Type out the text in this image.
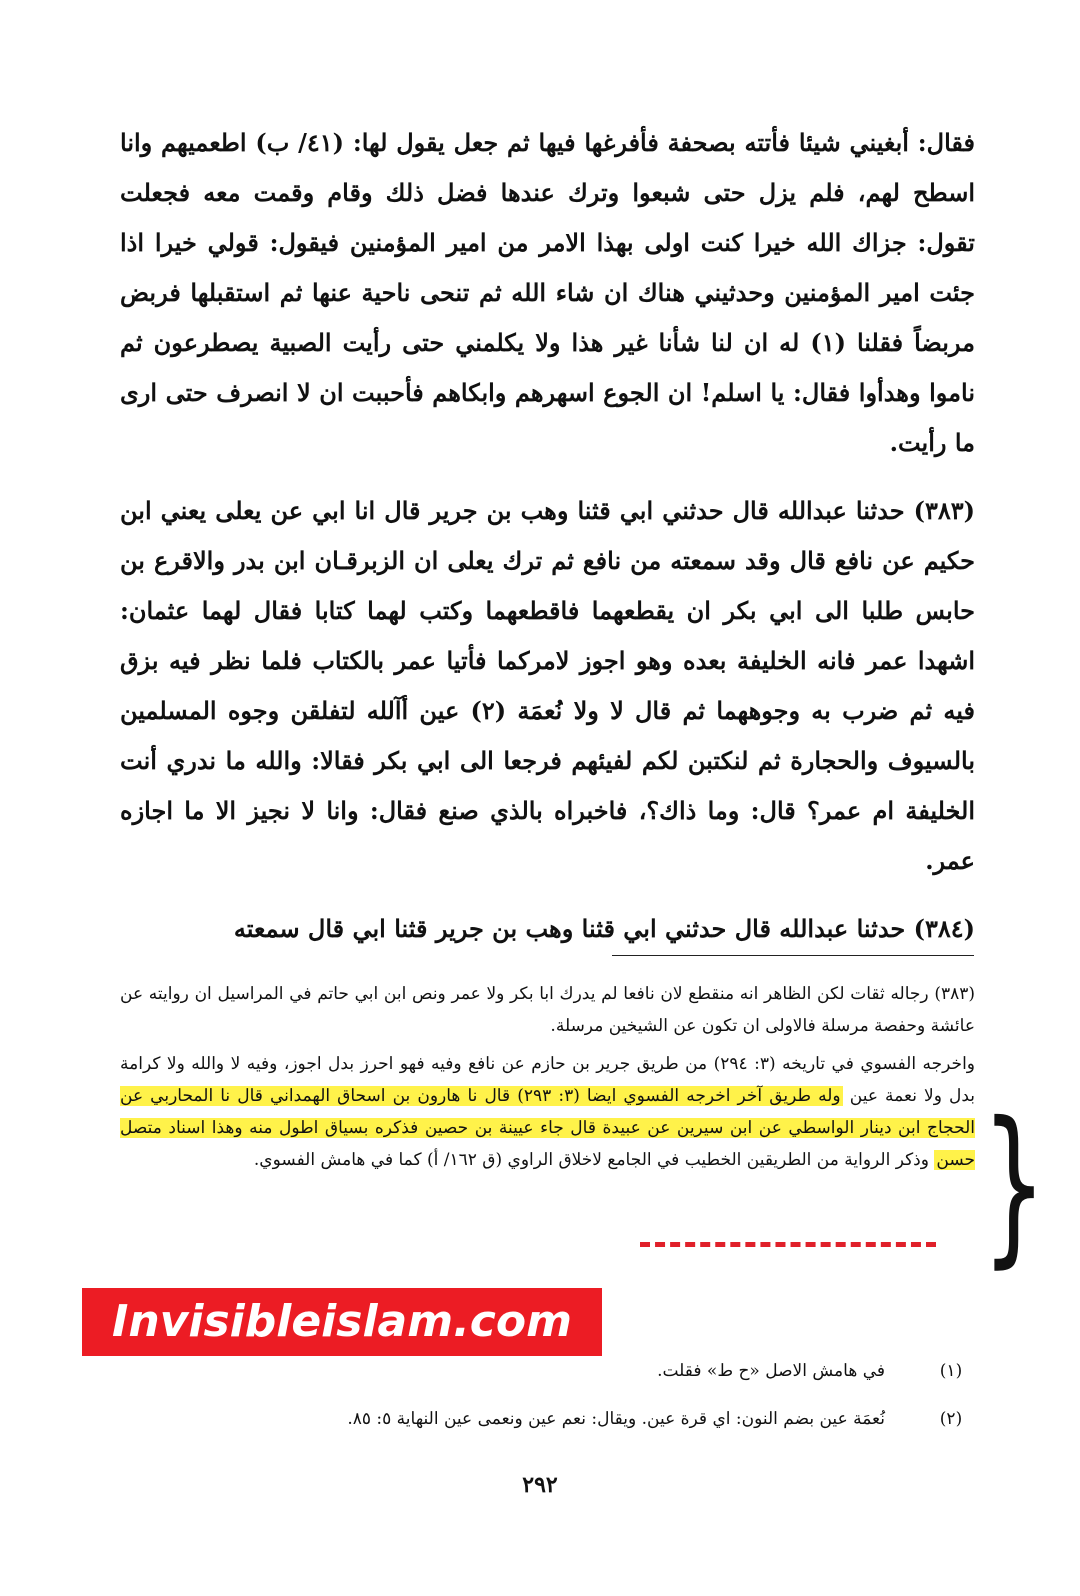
فقال: أبغيني شيئا فأتته بصحفة فأفرغها فيها ثم جعل يقول لها: (٤١/ ب) اطعميهم وانا اسطح لهم، فلم يزل حتى شبعوا وترك عندها فضل ذلك وقام وقمت معه فجعلت تقول: جزاك الله خيرا كنت اولى بهذا الامر من امير المؤمنين فيقول: قولي خيرا اذا جئت امير المؤمنين وحدثيني هناك ان شاء الله ثم تنحى ناحية عنها ثم استقبلها فربض مربضاً فقلنا (١) له ان لنا شأنا غير هذا ولا يكلمني حتى رأيت الصبية يصطرعون ثم ناموا وهدأوا فقال: يا اسلم! ان الجوع اسهرهم وابكاهم فأحببت ان لا انصرف حتى ارى ما رأيت.

(٣٨٣) حدثنا عبدالله قال حدثني ابي قثنا وهب بن جرير قال انا ابي عن يعلى يعني ابن حكيم عن نافع قال وقد سمعته من نافع ثم ترك يعلى ان الزبرقـان ابن بدر والاقرع بن حابس طلبا الى ابي بكر ان يقطعهما فاقطعهما وكتب لهما كتابا فقال لهما عثمان: اشهدا عمر فانه الخليفة بعده وهو اجوز لامركما فأتيا عمر بالكتاب فلما نظر فيه بزق فيه ثم ضرب به وجوههما ثم قال لا ولا نُعمَة (٢) عين أآلله لتفلقن وجوه المسلمين بالسيوف والحجارة ثم لنكتبن لكم لفيئهم فرجعا الى ابي بكر فقالا: والله ما ندري أنت الخليفة ام عمر؟ قال: وما ذاك؟، فاخبراه بالذي صنع فقال: وانا لا نجيز الا ما اجازه عمر.

(٣٨٤) حدثنا عبدالله قال حدثني ابي قثنا وهب بن جرير قثنا ابي قال سمعته

(٣٨٣) رجاله ثقات لكن الظاهر انه منقطع لان نافعا لم يدرك ابا بكر ولا عمر ونص ابن ابي حاتم في المراسيل ان روايته عن عائشة وحفصة مرسلة فالاولى ان تكون عن الشيخين مرسلة.

واخرجه الفسوي في تاريخه (٣: ٢٩٤) من طريق جرير بن حازم عن نافع وفيه فهو احرز بدل اجوز، وفيه لا والله ولا كرامة بدل ولا نعمة عين وله طريق آخر اخرجه الفسوي ايضا (٣: ٢٩٣) قال نا هارون بن اسحاق الهمداني قال نا المحاربي عن الحجاج ابن دينار الواسطي عن ابن سيرين عن عبيدة قال جاء عيينة بن حصين فذكره بسياق اطول منه وهذا اسناد متصل حسن وذكر الرواية من الطريقين الخطيب في الجامع لاخلاق الراوي (ق ١٦٢/ أ) كما في هامش الفسوي. }
Invisibleislam.com
(١)
في هامش الاصل «ح ط» فقلت.
(٢)
نُعمَة عين بضم النون: اي قرة عين. ويقال: نعم عين ونعمى عين النهاية ٥: ٨٥.
٢٩٢
